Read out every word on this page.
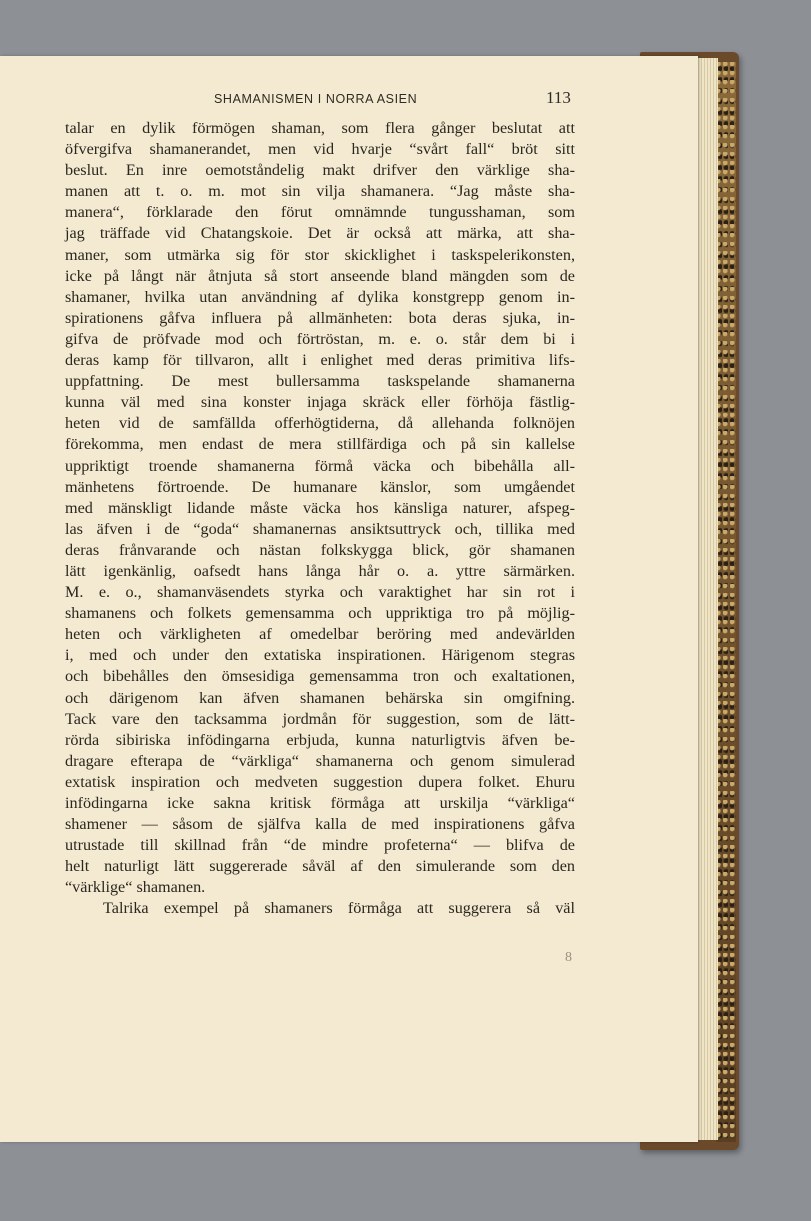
SHAMANISMEN I NORRA ASIEN	113
talar en dylik förmögen shaman, som flera gånger beslutat att
öfvergifva shamanerandet, men vid hvarje “svårt fall“ bröt sitt
beslut. En inre oemotståndelig makt drifver den värklige sha-
manen att t. o. m. mot sin vilja shamanera. “Jag måste sha-
manera“, förklarade den förut omnämnde tungusshaman, som
jag träffade vid Chatangskoie. Det är också att märka, att sha-
maner, som utmärka sig för stor skicklighet i taskspelerikonsten,
icke på långt när åtnjuta så stort anseende bland mängden som de
shamaner, hvilka utan användning af dylika konstgrepp genom in-
spirationens gåfva influera på allmänheten: bota deras sjuka, in-
gifva de pröfvade mod och förtröstan, m. e. o. står dem bi i
deras kamp för tillvaron, allt i enlighet med deras primitiva lifs-
uppfattning. De mest bullersamma taskspelande shamanerna
kunna väl med sina konster injaga skräck eller förhöja fästlig-
heten vid de samfällda offerhögtiderna, då allehanda folknöjen
förekomma, men endast de mera stillfärdiga och på sin kallelse
uppriktigt troende shamanerna förmå väcka och bibehålla all-
mänhetens förtroende. De humanare känslor, som umgåendet
med mänskligt lidande måste väcka hos känsliga naturer, afspeg-
las äfven i de “goda“ shamanernas ansiktsuttryck och, tillika med
deras frånvarande och nästan folkskygga blick, gör shamanen
lätt igenkänlig, oafsedt hans långa hår o. a. yttre särmärken.
M. e. o., shamanväsendets styrka och varaktighet har sin rot i
shamanens och folkets gemensamma och uppriktiga tro på möjlig-
heten och värkligheten af omedelbar beröring med andevärlden
i, med och under den extatiska inspirationen. Härigenom stegras
och bibehålles den ömsesidiga gemensamma tron och exaltationen,
och därigenom kan äfven shamanen behärska sin omgifning.
Tack vare den tacksamma jordmån för suggestion, som de lätt-
rörda sibiriska infödingarna erbjuda, kunna naturligtvis äfven be-
dragare efterapa de “värkliga“ shamanerna och genom simulerad
extatisk inspiration och medveten suggestion dupera folket. Ehuru
infödingarna icke sakna kritisk förmåga att urskilja “värkliga“
shamener — såsom de själfva kalla de med inspirationens gåfva
utrustade till skillnad från “de mindre profeterna“ — blifva de
helt naturligt lätt suggererade såväl af den simulerande som den
“värklige“ shamanen.
Talrika exempel på shamaners förmåga att suggerera så väl
8
